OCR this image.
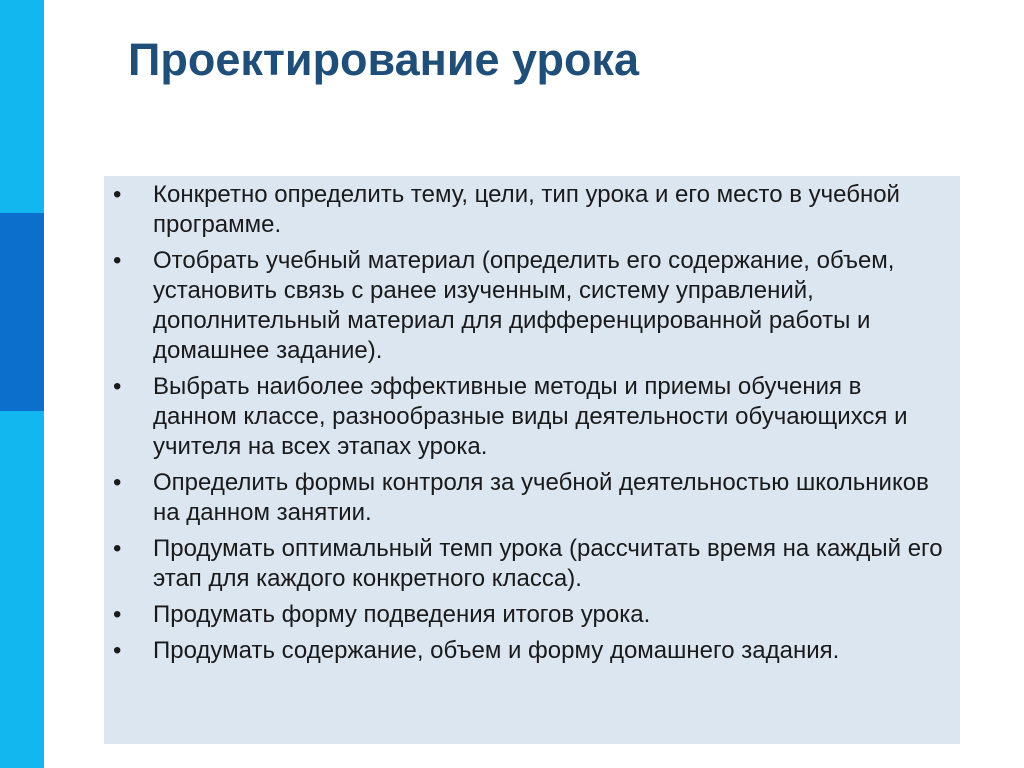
Проектирование урока
• Конкретно определить тему, цели, тип урока и его место в учебной программе.
• Отобрать учебный материал (определить его содержание, объем, установить связь с ранее изученным, систему управлений, дополнительный материал для дифференцированной работы и домашнее задание).
• Выбрать наиболее эффективные методы и приемы обучения в данном классе, разнообразные виды деятельности обучающихся и учителя на всех этапах урока.
• Определить формы контроля за учебной деятельностью школьников на данном занятии.
• Продумать оптимальный темп урока (рассчитать время на каждый его этап для каждого конкретного класса).
• Продумать форму подведения итогов урока.
• Продумать содержание, объем и форму домашнего задания.
